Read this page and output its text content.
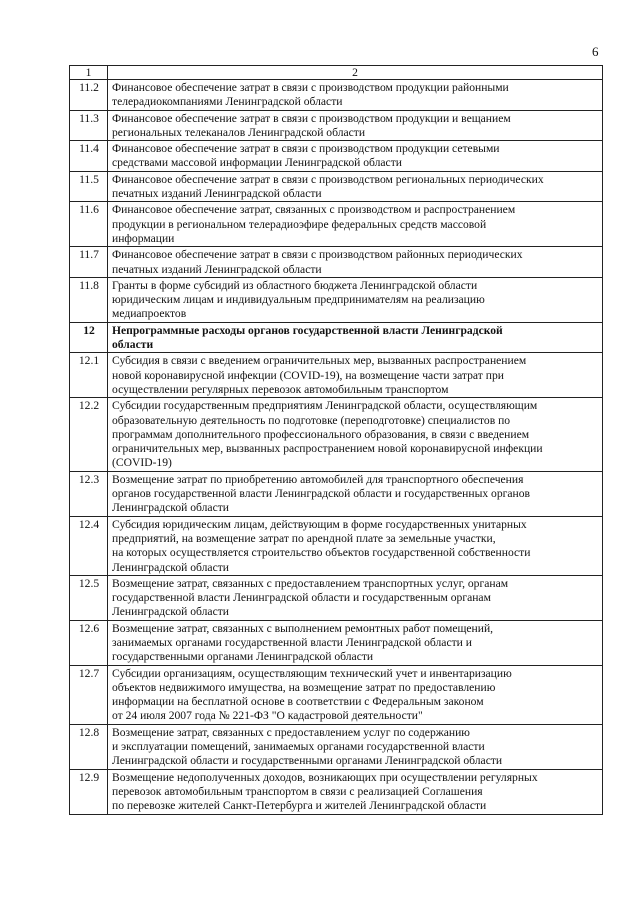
6
1	2
11.2	Финансовое обеспечение затрат в связи с производством продукции районными
телерадиокомпаниями Ленинградской области

11.3	Финансовое обеспечение затрат в связи с производством продукции и вещанием
региональных телеканалов Ленинградской области

11.4	Финансовое обеспечение затрат в связи с производством продукции сетевыми
средствами массовой информации Ленинградской области

11.5	Финансовое обеспечение затрат в связи с производством региональных периодических
печатных изданий Ленинградской области

11.6	Финансовое обеспечение затрат, связанных с производством и распространением
продукции в региональном телерадиоэфире федеральных средств массовой
информации

11.7	Финансовое обеспечение затрат в связи с производством районных периодических
печатных изданий Ленинградской области

11.8	Гранты в форме субсидий из областного бюджета Ленинградской области
юридическим лицам и индивидуальным предпринимателям на реализацию
медиапроектов

12	Непрограммные расходы органов государственной власти Ленинградской
области

12.1	Субсидия в связи с введением ограничительных мер, вызванных распространением
новой коронавирусной инфекции (COVID-19), на возмещение части затрат при
осуществлении регулярных перевозок автомобильным транспортом

12.2	Субсидии государственным предприятиям Ленинградской области, осуществляющим
образовательную деятельность по подготовке (переподготовке) специалистов по
программам дополнительного профессионального образования, в связи с введением
ограничительных мер, вызванных распространением новой коронавирусной инфекции
(COVID-19)

12.3	Возмещение затрат по приобретению автомобилей для транспортного обеспечения
органов государственной власти Ленинградской области и государственных органов
Ленинградской области

12.4	Субсидия юридическим лицам, действующим в форме государственных унитарных
предприятий, на возмещение затрат по арендной плате за земельные участки,
на которых осуществляется строительство объектов государственной собственности
Ленинградской области

12.5	Возмещение затрат, связанных с предоставлением транспортных услуг, органам
государственной власти Ленинградской области и государственным органам
Ленинградской области

12.6	Возмещение затрат, связанных с выполнением ремонтных работ помещений,
занимаемых органами государственной власти Ленинградской области и
государственными органами Ленинградской области

12.7	Субсидии организациям, осуществляющим технический учет и инвентаризацию
объектов недвижимого имущества, на возмещение затрат по предоставлению
информации на бесплатной основе в соответствии с Федеральным законом
от 24 июля 2007 года № 221-ФЗ "О кадастровой деятельности"

12.8	Возмещение затрат, связанных с предоставлением услуг по содержанию
и эксплуатации помещений, занимаемых органами государственной власти
Ленинградской области и государственными органами Ленинградской области

12.9	Возмещение недополученных доходов, возникающих при осуществлении регулярных
перевозок автомобильным транспортом в связи с реализацией Соглашения
по перевозке жителей Санкт-Петербурга и жителей Ленинградской области
